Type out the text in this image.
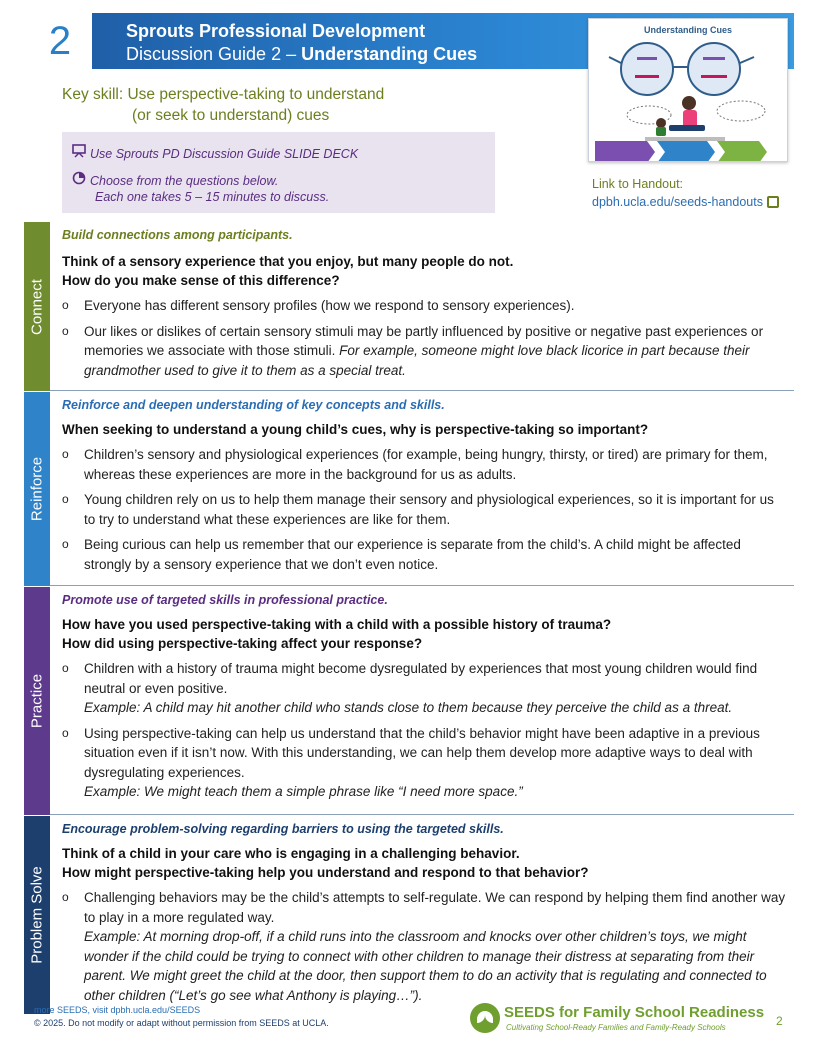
2	Sprouts Professional Development
Discussion Guide 2 – Understanding Cues
Understanding Cues
Key skill: Use perspective-taking to understand
(or seek to understand) cues
Use Sprouts PD Discussion Guide SLIDE DECK
Choose from the questions below.
Each one takes 5 – 15 minutes to discuss.
Link to Handout:
dpbh.ucla.edu/seeds-handouts
Connect
Build connections among participants.
Think of a sensory experience that you enjoy, but many people do not.
How do you make sense of this difference?
o Everyone has different sensory profiles (how we respond to sensory experiences).
o Our likes or dislikes of certain sensory stimuli may be partly influenced by positive or negative past experiences or memories we associate with those stimuli. For example, someone might love black licorice in part because their grandmother used to give it to them as a special treat.
Reinforce
Reinforce and deepen understanding of key concepts and skills.
When seeking to understand a young child’s cues, why is perspective-taking so important?
o Children’s sensory and physiological experiences (for example, being hungry, thirsty, or tired) are primary for them, whereas these experiences are more in the background for us as adults.
o Young children rely on us to help them manage their sensory and physiological experiences, so it is important for us to try to understand what these experiences are like for them.
o Being curious can help us remember that our experience is separate from the child’s. A child might be affected strongly by a sensory experience that we don’t even notice.
Practice
Promote use of targeted skills in professional practice.
How have you used perspective-taking with a child with a possible history of trauma?
How did using perspective-taking affect your response?
o Children with a history of trauma might become dysregulated by experiences that most young children would find neutral or even positive.
Example: A child may hit another child who stands close to them because they perceive the child as a threat.
o Using perspective-taking can help us understand that the child’s behavior might have been adaptive in a previous situation even if it isn’t now. With this understanding, we can help them develop more adaptive ways to deal with dysregulating experiences.
Example: We might teach them a simple phrase like “I need more space.”
Problem Solve
Encourage problem-solving regarding barriers to using the targeted skills.
Think of a child in your care who is engaging in a challenging behavior.
How might perspective-taking help you understand and respond to that behavior?
o Challenging behaviors may be the child’s attempts to self-regulate. We can respond by helping them find another way to play in a more regulated way.
Example: At morning drop-off, if a child runs into the classroom and knocks over other children’s toys, we might wonder if the child could be trying to connect with other children to manage their distress at separating from their parent. We might greet the child at the door, then support them to do an activity that is regulating and connected to other children (“Let’s go see what Anthony is playing…”).
more SEEDS, visit dpbh.ucla.edu/SEEDS
© 2025. Do not modify or adapt without permission from SEEDS at UCLA.
SEEDS for Family School Readiness
Cultivating School-Ready Families and Family-Ready Schools	2
